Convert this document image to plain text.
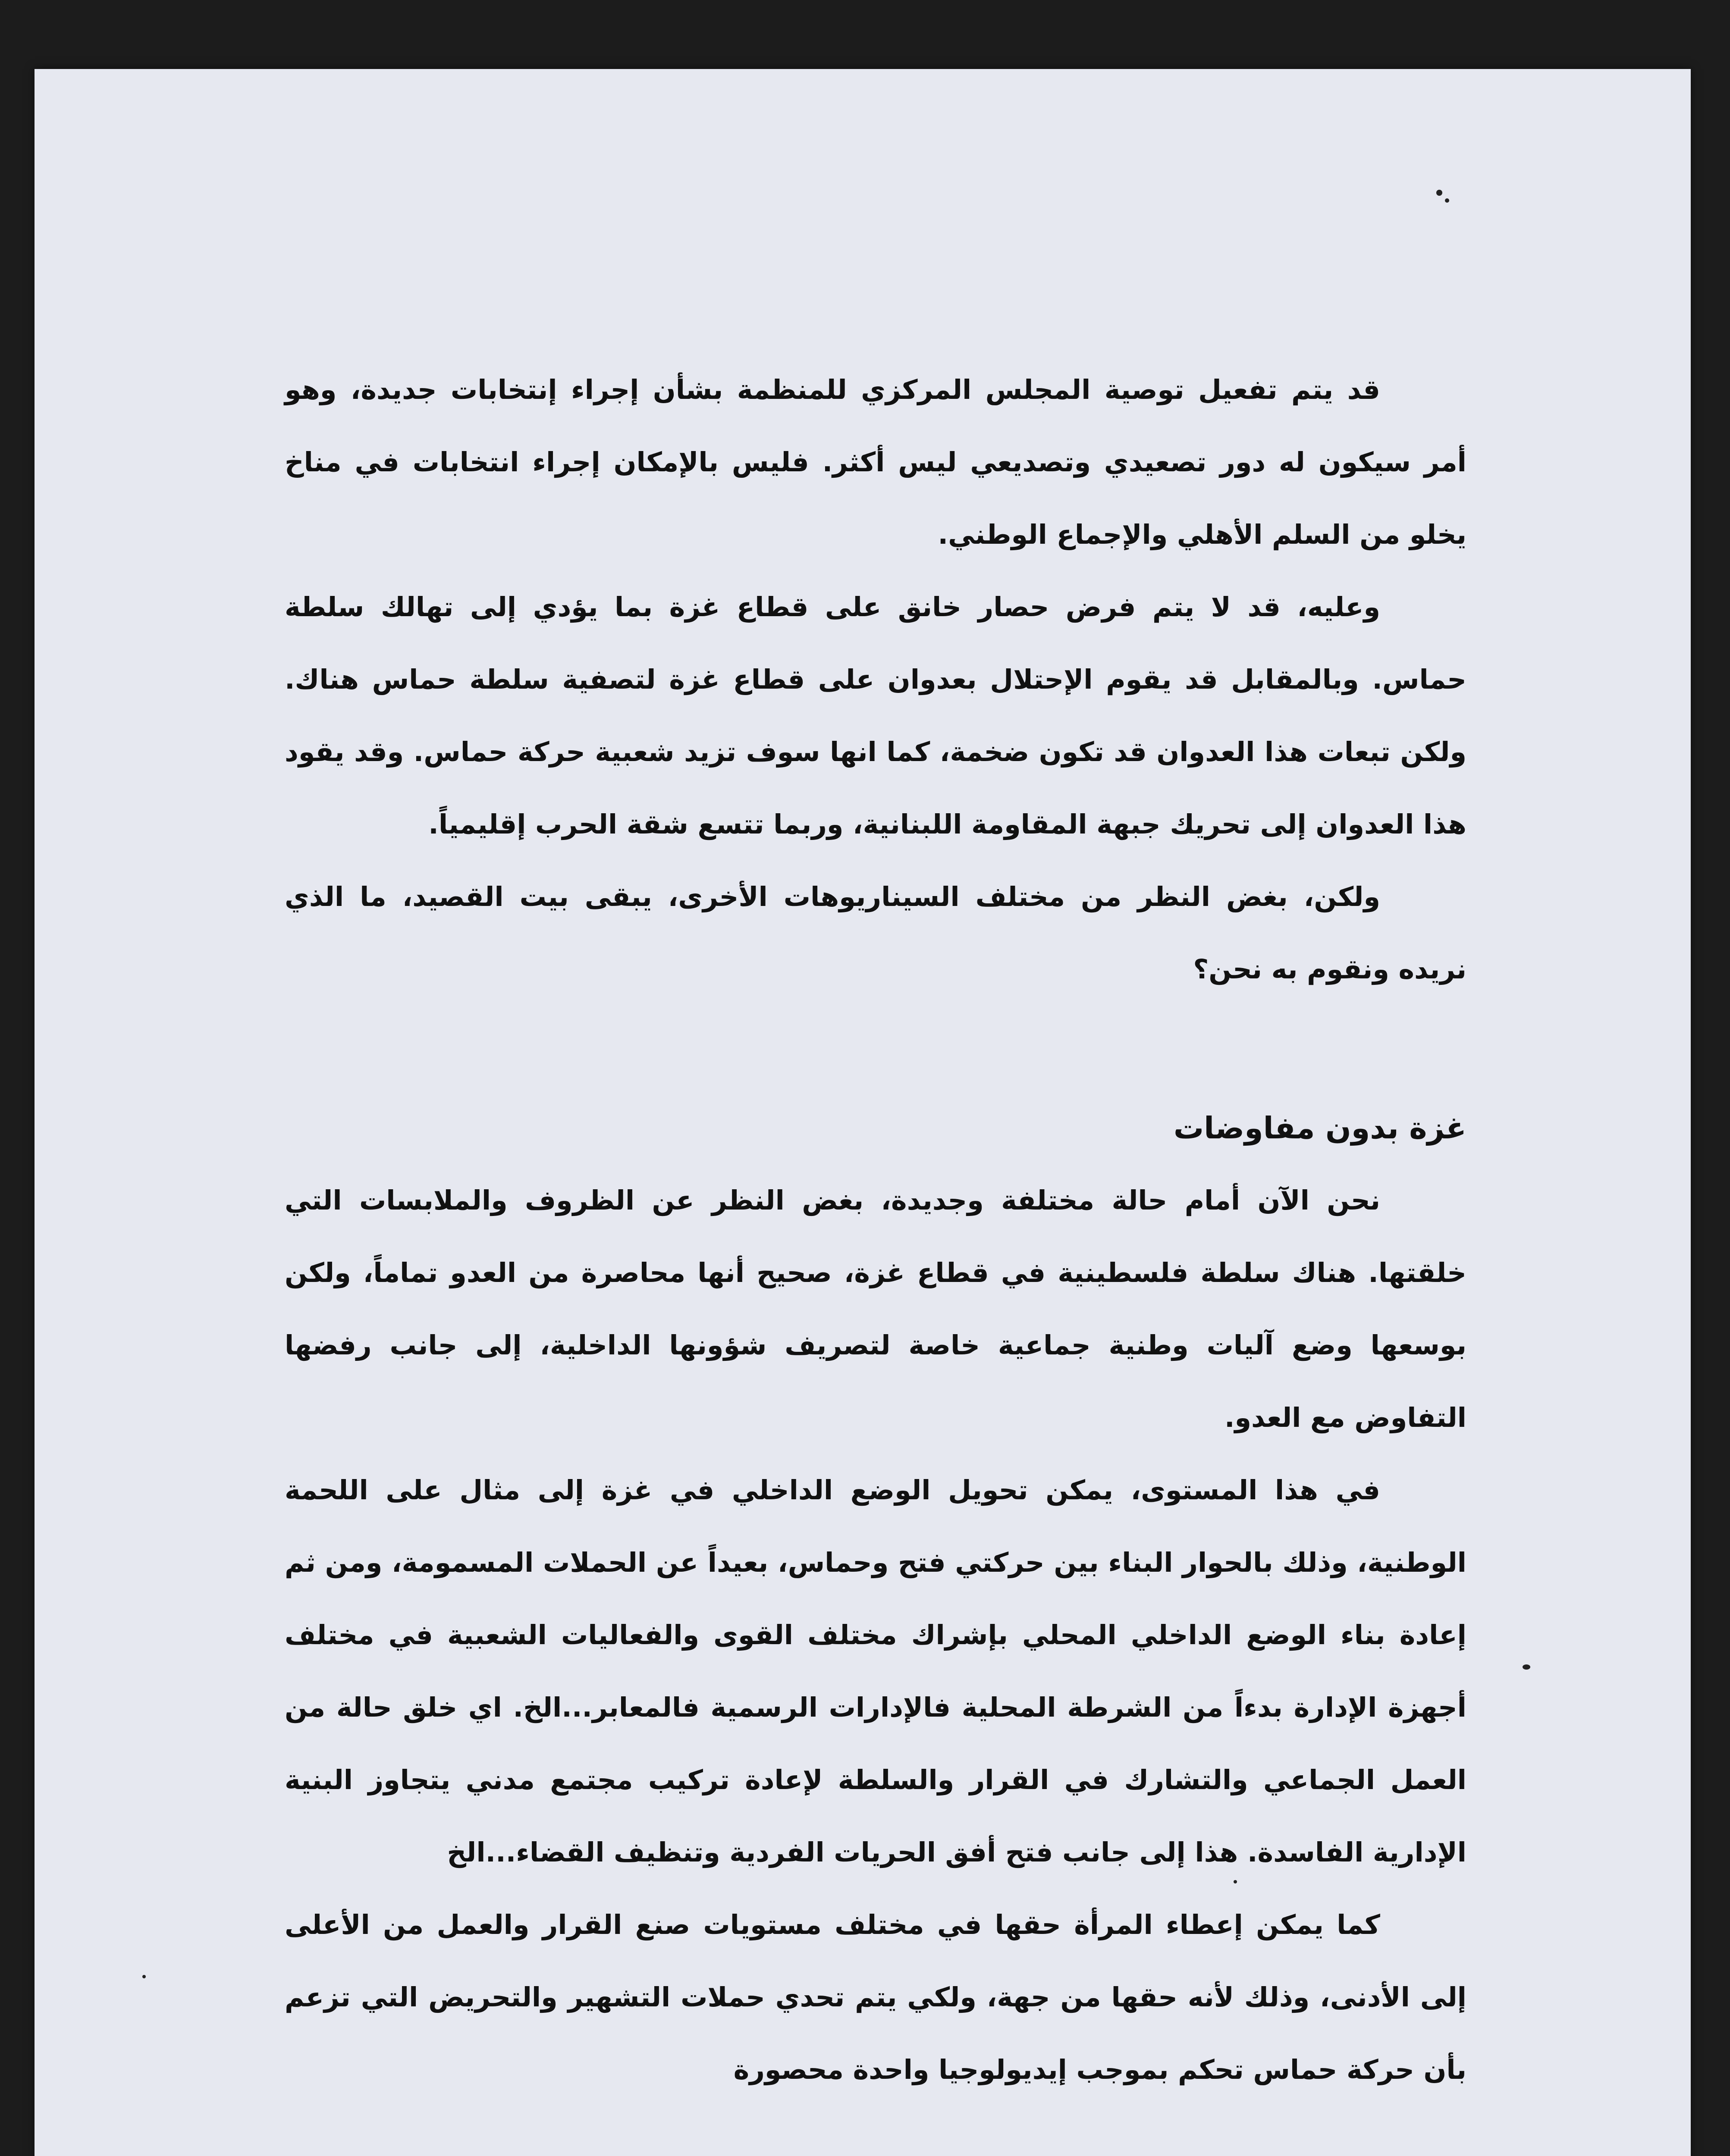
قد يتم تفعيل توصية المجلس المركزي للمنظمة بشأن إجراء إنتخابات جديدة، وهو أمر سيكون له دور تصعيدي وتصديعي ليس أكثر. فليس بالإمكان إجراء انتخابات في مناخ يخلو من السلم الأهلي والإجماع الوطني.

وعليه، قد لا يتم فرض حصار خانق على قطاع غزة بما يؤدي إلى تهالك سلطة حماس. وبالمقابل قد يقوم الإحتلال بعدوان على قطاع غزة لتصفية سلطة حماس هناك. ولكن تبعات هذا العدوان قد تكون ضخمة، كما انها سوف تزيد شعبية حركة حماس. وقد يقود هذا العدوان إلى تحريك جبهة المقاومة اللبنانية، وربما تتسع شقة الحرب إقليمياً.

ولكن، بغض النظر من مختلف السيناريوهات الأخرى، يبقى بيت القصيد، ما الذي نريده ونقوم به نحن؟

غزة بدون مفاوضات

نحن الآن أمام حالة مختلفة وجديدة، بغض النظر عن الظروف والملابسات التي خلقتها. هناك سلطة فلسطينية في قطاع غزة، صحيح أنها محاصرة من العدو تماماً، ولكن بوسعها وضع آليات وطنية جماعية خاصة لتصريف شؤونها الداخلية، إلى جانب رفضها التفاوض مع العدو.

في هذا المستوى، يمكن تحويل الوضع الداخلي في غزة إلى مثال على اللحمة الوطنية، وذلك بالحوار البناء بين حركتي فتح وحماس، بعيداً عن الحملات المسمومة، ومن ثم إعادة بناء الوضع الداخلي المحلي بإشراك مختلف القوى والفعاليات الشعبية في مختلف أجهزة الإدارة بدءاً من الشرطة المحلية فالإدارات الرسمية فالمعابر...الخ. اي خلق حالة من العمل الجماعي والتشارك في القرار والسلطة لإعادة تركيب مجتمع مدني يتجاوز البنية الإدارية الفاسدة. هذا إلى جانب فتح أفق الحريات الفردية وتنظيف القضاء...الخ

كما يمكن إعطاء المرأة حقها في مختلف مستويات صنع القرار والعمل من الأعلى إلى الأدنى، وذلك لأنه حقها من جهة، ولكي يتم تحدي حملات التشهير والتحريض التي تزعم بأن حركة حماس تحكم بموجب إيديولوجيا واحدة محصورة
